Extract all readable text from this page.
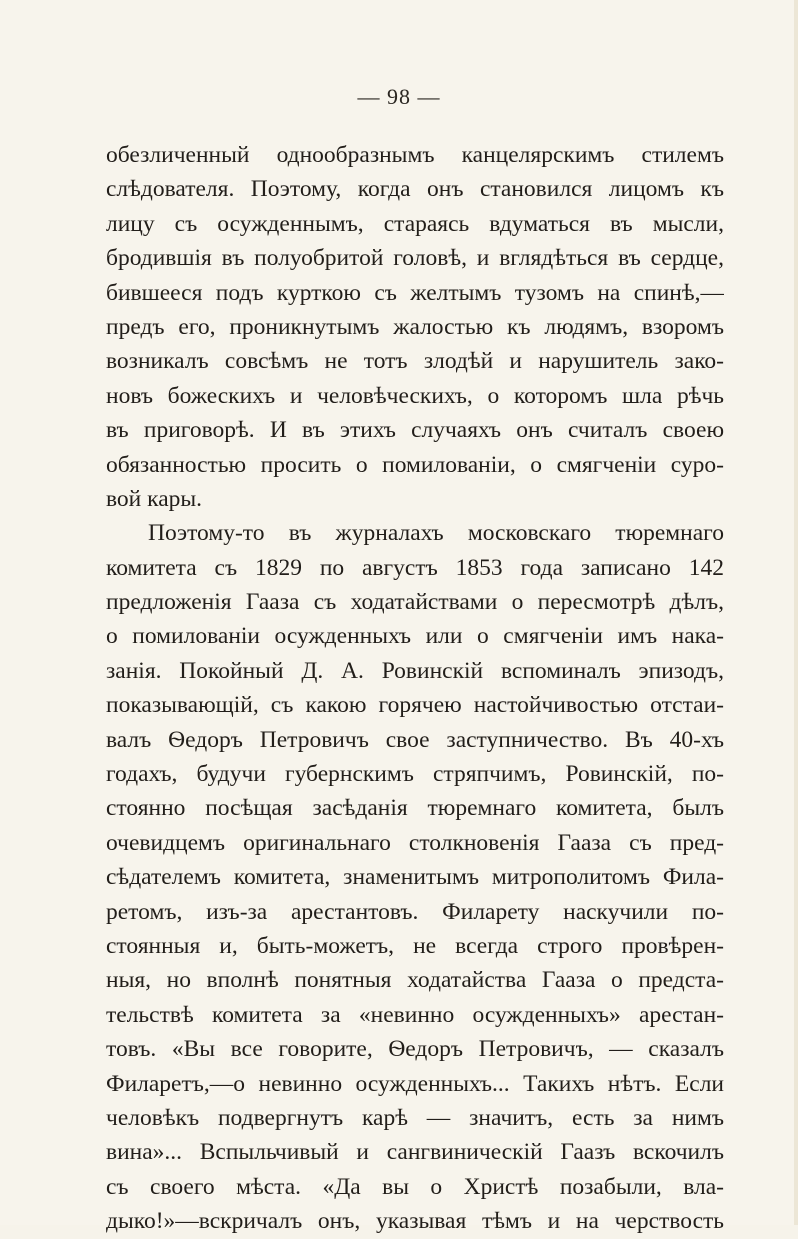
— 98 —
обезличенный однообразнымъ канцелярскимъ стилемъ
слѣдователя. Поэтому, когда онъ становился лицомъ къ
лицу съ осужденнымъ, стараясь вдуматься въ мысли,
бродившія въ полуобритой головѣ, и вглядѣться въ сердце,
бившееся подъ курткою съ желтымъ тузомъ на спинѣ,—
предъ его, проникнутымъ жалостью къ людямъ, взоромъ
возникалъ совсѣмъ не тотъ злодѣй и нарушитель зако-
новъ божескихъ и человѣческихъ, о которомъ шла рѣчь
въ приговорѣ. И въ этихъ случаяхъ онъ считалъ своею
обязанностью просить о помилованіи, о смягченіи суро-
вой кары.
Поэтому-то въ журналахъ московскаго тюремнаго
комитета съ 1829 по августъ 1853 года записано 142
предложенія Гааза съ ходатайствами о пересмотрѣ дѣлъ,
о помилованіи осужденныхъ или о смягченіи имъ нака-
занія. Покойный Д. А. Ровинскій вспоминалъ эпизодъ,
показывающій, съ какою горячею настойчивостью отстаи-
валъ Ѳедоръ Петровичъ свое заступничество. Въ 40-хъ
годахъ, будучи губернскимъ стряпчимъ, Ровинскій, по-
стоянно посѣщая засѣданія тюремнаго комитета, былъ
очевидцемъ оригинальнаго столкновенія Гааза съ пред-
сѣдателемъ комитета, знаменитымъ митрополитомъ Фила-
ретомъ, изъ-за арестантовъ. Филарету наскучили по-
стоянныя и, быть-можетъ, не всегда строго провѣрен-
ныя, но вполнѣ понятныя ходатайства Гааза о предста-
тельствѣ комитета за «невинно осужденныхъ» арестан-
товъ. «Вы все говорите, Ѳедоръ Петровичъ, — сказалъ
Филаретъ,—о невинно осужденныхъ... Такихъ нѣтъ. Если
человѣкъ подвергнутъ карѣ — значитъ, есть за нимъ
вина»... Вспыльчивый и сангвиническій Гаазъ вскочилъ
съ своего мѣста. «Да вы о Христѣ позабыли, вла-
дыко!»—вскричалъ онъ, указывая тѣмъ и на черствость
